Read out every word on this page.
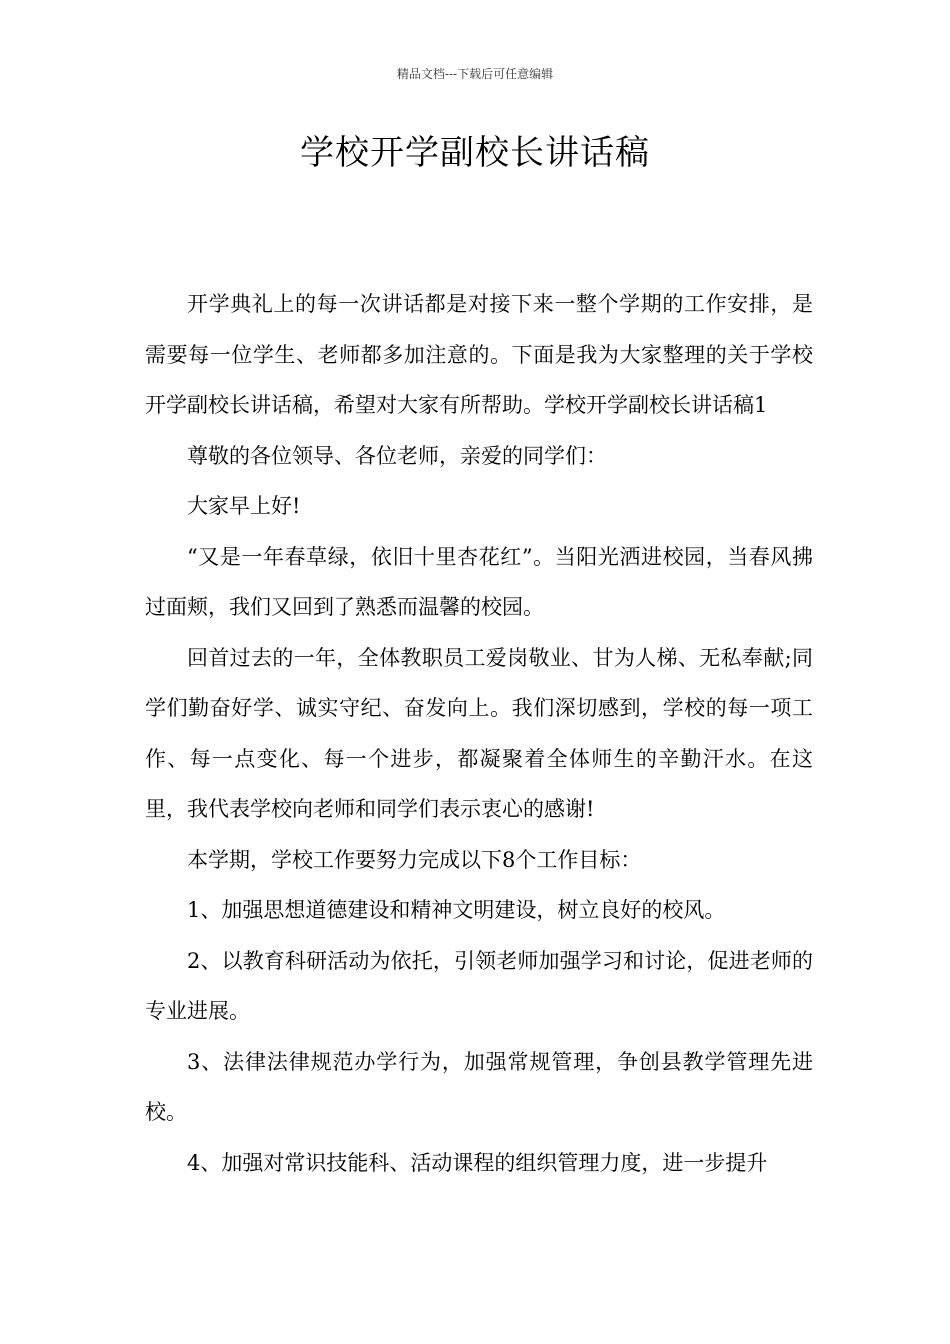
精品文档---下载后可任意编辑
学校开学副校长讲话稿

开学典礼上的每一次讲话都是对接下来一整个学期的工作安排，是需要每一位学生、老师都多加注意的。下面是我为大家整理的关于学校开学副校长讲话稿，希望对大家有所帮助。学校开学副校长讲话稿1

尊敬的各位领导、各位老师，亲爱的同学们：

大家早上好!

“又是一年春草绿，依旧十里杏花红”。当阳光洒进校园，当春风拂过面颊，我们又回到了熟悉而温馨的校园。

回首过去的一年，全体教职员工爱岗敬业、甘为人梯、无私奉献;同学们勤奋好学、诚实守纪、奋发向上。我们深切感到，学校的每一项工作、每一点变化、每一个进步，都凝聚着全体师生的辛勤汗水。在这里，我代表学校向老师和同学们表示衷心的感谢!

本学期，学校工作要努力完成以下8个工作目标：

1、加强思想道德建设和精神文明建设，树立良好的校风。

2、以教育科研活动为依托，引领老师加强学习和讨论，促进老师的专业进展。

3、法律法律规范办学行为，加强常规管理，争创县教学管理先进校。

4、加强对常识技能科、活动课程的组织管理力度，进一步提升
